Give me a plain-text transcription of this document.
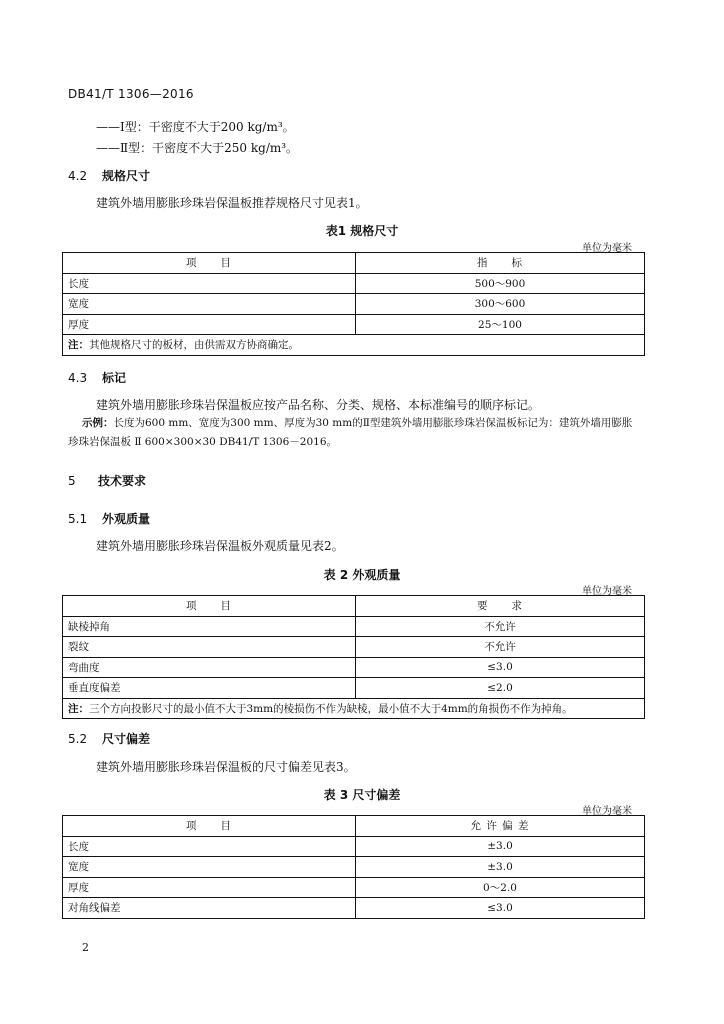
DB41/T 1306—2016
——Ⅰ型：干密度不大于200 kg/m³。
——Ⅱ型：干密度不大于250 kg/m³。
4.2 规格尺寸
建筑外墙用膨胀珍珠岩保温板推荐规格尺寸见表1。
表1 规格尺寸
单位为毫米
项　　目	指　　标
长度	500～900
宽度	300～600
厚度	25～100
注：其他规格尺寸的板材，由供需双方协商确定。	
4.3 标记
建筑外墙用膨胀珍珠岩保温板应按产品名称、分类、规格、本标准编号的顺序标记。
示例：长度为600 mm、宽度为300 mm、厚度为30 mm的Ⅱ型建筑外墙用膨胀珍珠岩保温板标记为：建筑外墙用膨胀
珍珠岩保温板 Ⅱ 600×300×30 DB41/T 1306－2016。
5 技术要求
5.1 外观质量
建筑外墙用膨胀珍珠岩保温板外观质量见表2。
表 2 外观质量
单位为毫米
项　　目	要　　求
缺棱掉角	不允许
裂纹	不允许
弯曲度	≤3.0
垂直度偏差	≤2.0
注：三个方向投影尺寸的最小值不大于3mm的棱损伤不作为缺棱，最小值不大于4mm的角损伤不作为掉角。	
5.2 尺寸偏差
建筑外墙用膨胀珍珠岩保温板的尺寸偏差见表3。
表 3 尺寸偏差
单位为毫米
项　　目	允 许 偏 差
长度	±3.0
宽度	±3.0
厚度	0～2.0
对角线偏差	≤3.0
2
